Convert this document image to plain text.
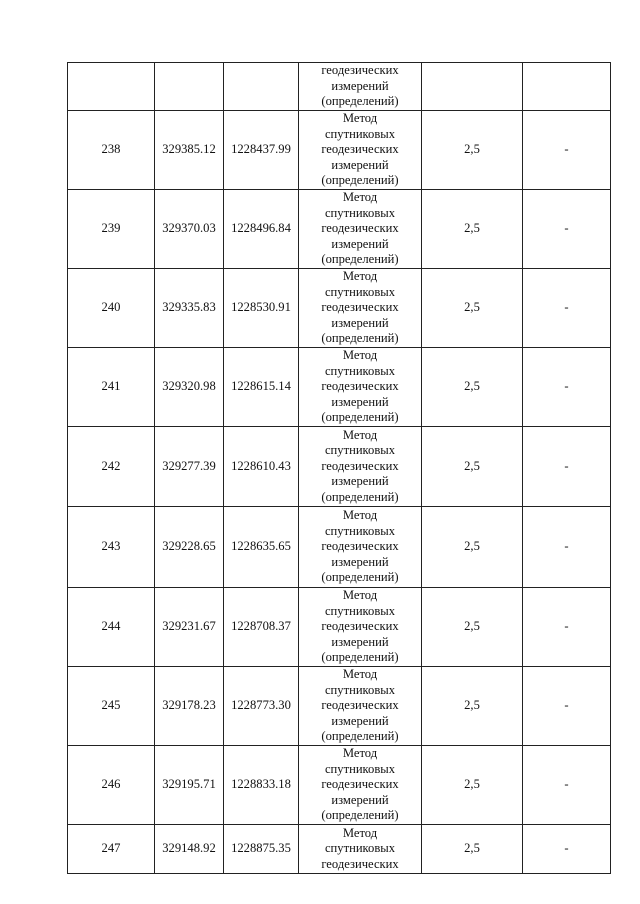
			геодезических
измерений
(определений)		

238	329385.12	1228437.99	Метод
спутниковых
геодезических
измерений
(определений)	2,5	-
239	329370.03	1228496.84	Метод
спутниковых
геодезических
измерений
(определений)	2,5	-
240	329335.83	1228530.91	Метод
спутниковых
геодезических
измерений
(определений)	2,5	-
241	329320.98	1228615.14	Метод
спутниковых
геодезических
измерений
(определений)	2,5	-
242	329277.39	1228610.43	Метод
спутниковых
геодезических
измерений
(определений)	2,5	-
243	329228.65	1228635.65	Метод
спутниковых
геодезических
измерений
(определений)	2,5	-
244	329231.67	1228708.37	Метод
спутниковых
геодезических
измерений
(определений)	2,5	-
245	329178.23	1228773.30	Метод
спутниковых
геодезических
измерений
(определений)	2,5	-
246	329195.71	1228833.18	Метод
спутниковых
геодезических
измерений
(определений)	2,5	-
247	329148.92	1228875.35	Метод
спутниковых
геодезических	2,5	-
